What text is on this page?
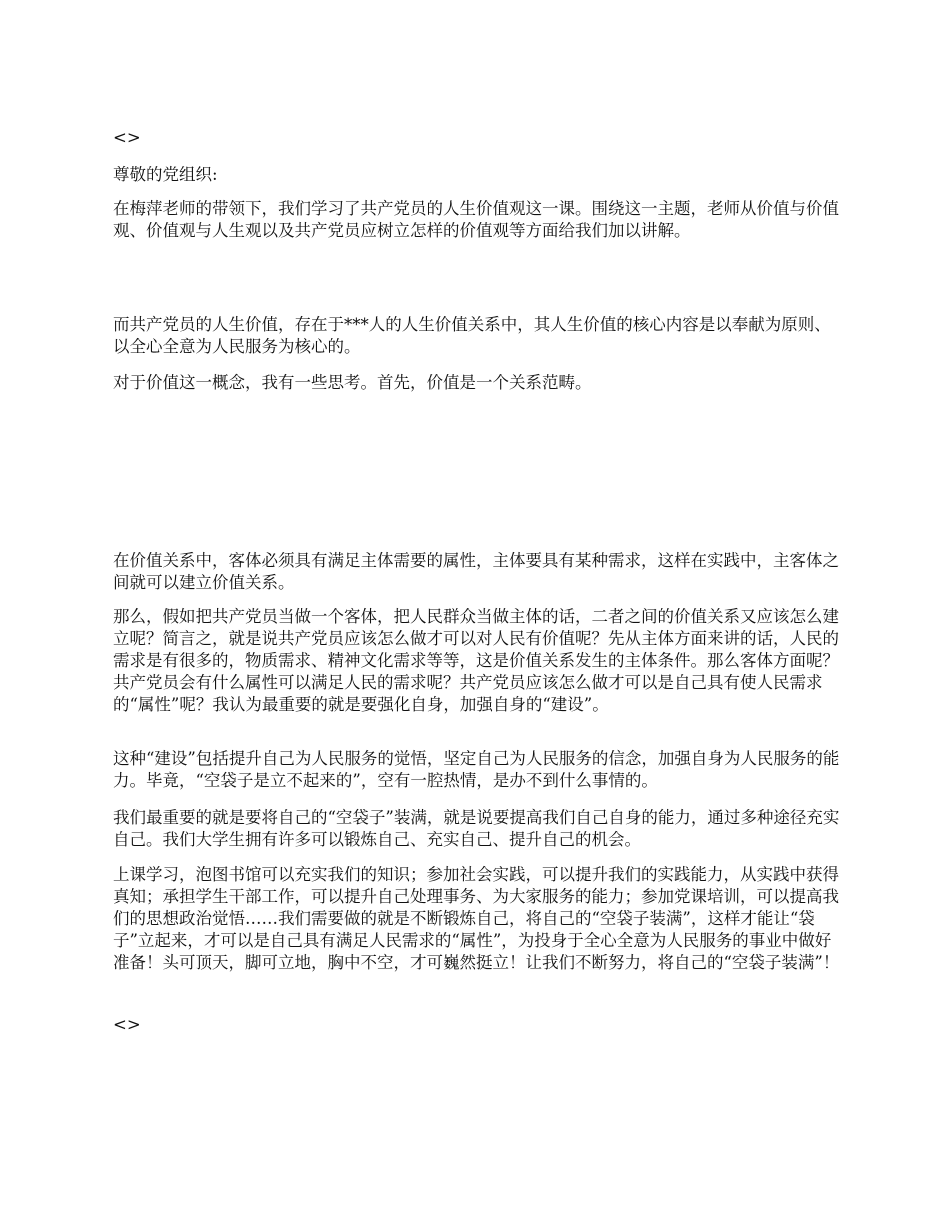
<>

尊敬的党组织:

在梅萍老师的带领下，我们学习了共产党员的人生价值观这一课。围绕这一主题，老师从价值与价值观、价值观与人生观以及共产党员应树立怎样的价值观等方面给我们加以讲解。

而共产党员的人生价值，存在于***人的人生价值关系中，其人生价值的核心内容是以奉献为原则、以全心全意为人民服务为核心的。

对于价值这一概念，我有一些思考。首先，价值是一个关系范畴。

在价值关系中，客体必须具有满足主体需要的属性，主体要具有某种需求，这样在实践中，主客体之间就可以建立价值关系。

那么，假如把共产党员当做一个客体，把人民群众当做主体的话，二者之间的价值关系又应该怎么建立呢？简言之，就是说共产党员应该怎么做才可以对人民有价值呢？先从主体方面来讲的话，人民的需求是有很多的，物质需求、精神文化需求等等，这是价值关系发生的主体条件。那么客体方面呢？共产党员会有什么属性可以满足人民的需求呢？共产党员应该怎么做才可以是自己具有使人民需求的“属性”呢？我认为最重要的就是要强化自身，加强自身的“建设”。

这种“建设”包括提升自己为人民服务的觉悟，坚定自己为人民服务的信念，加强自身为人民服务的能力。毕竟，“空袋子是立不起来的”，空有一腔热情，是办不到什么事情的。

我们最重要的就是要将自己的“空袋子”装满，就是说要提高我们自己自身的能力，通过多种途径充实自己。我们大学生拥有许多可以锻炼自己、充实自己、提升自己的机会。

上课学习，泡图书馆可以充实我们的知识；参加社会实践，可以提升我们的实践能力，从实践中获得真知；承担学生干部工作，可以提升自己处理事务、为大家服务的能力；参加党课培训，可以提高我们的思想政治觉悟……我们需要做的就是不断锻炼自己，将自己的“空袋子装满”，这样才能让“袋子”立起来，才可以是自己具有满足人民需求的“属性”，为投身于全心全意为人民服务的事业中做好准备！头可顶天，脚可立地，胸中不空，才可巍然挺立！让我们不断努力，将自己的“空袋子装满”！

<>
